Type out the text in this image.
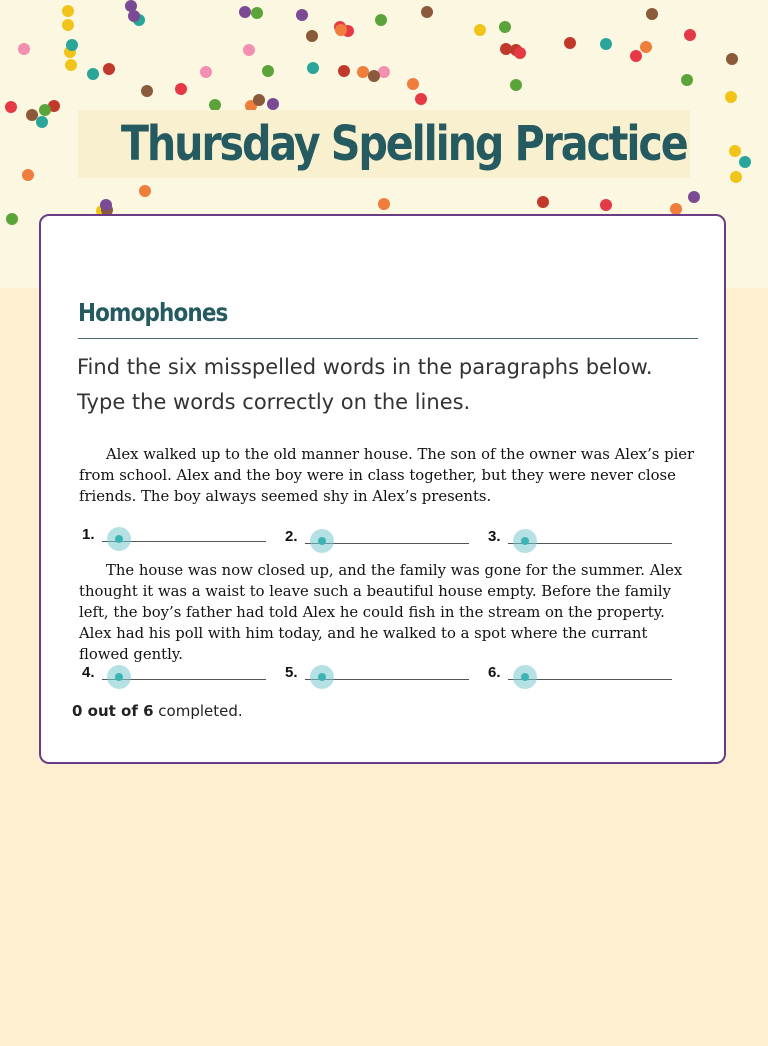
Thursday Spelling Practice
Homophones
Find the six misspelled words in the paragraphs below. Type the words correctly on the lines.

Alex walked up to the old manner house. The son of the owner was Alex’s pier from school. Alex and the boy were in class together, but they were never close friends. The boy always seemed shy in Alex’s presents.

1.	2.	3.

The house was now closed up, and the family was gone for the summer. Alex thought it was a waist to leave such a beautiful house empty. Before the family left, the boy’s father had told Alex he could fish in the stream on the property. Alex had his poll with him today, and he walked to a spot where the currant flowed gently.

4.	5.	6.
0 out of 6 completed.
